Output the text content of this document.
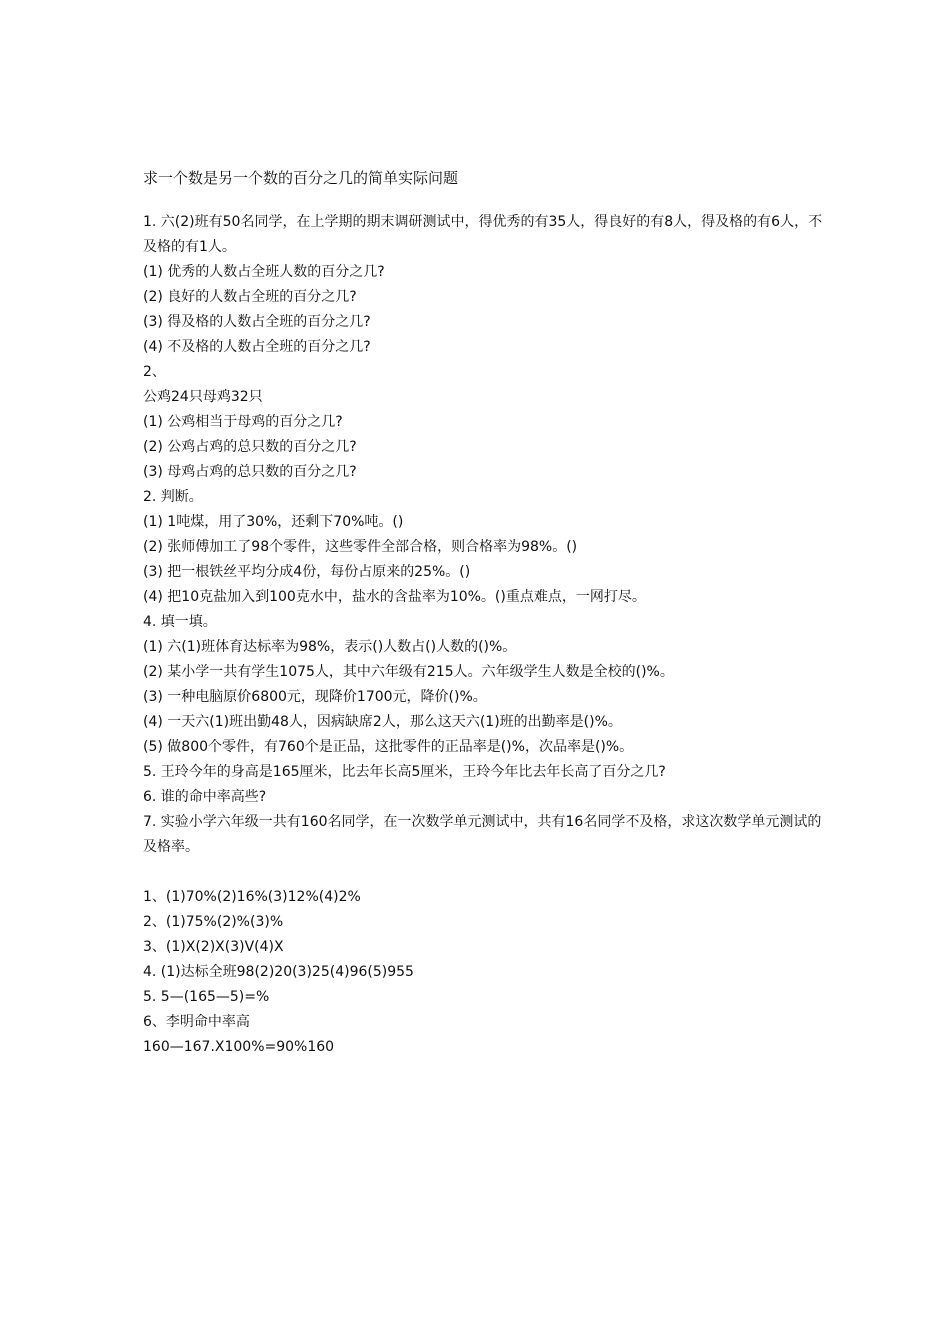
求一个数是另一个数的百分之几的简单实际问题
1. 六(2)班有50名同学，在上学期的期末调研测试中，得优秀的有35人，得良好的有8人，得及格的有6人，不及格的有1人。
(1) 优秀的人数占全班人数的百分之几?
(2) 良好的人数占全班的百分之几?
(3) 得及格的人数占全班的百分之几?
(4) 不及格的人数占全班的百分之几?
2、
公鸡24只母鸡32只
(1) 公鸡相当于母鸡的百分之几?
(2) 公鸡占鸡的总只数的百分之几?
(3) 母鸡占鸡的总只数的百分之几?
2. 判断。
(1) 1吨煤，用了30%，还剩下70%吨。()
(2) 张师傅加工了98个零件，这些零件全部合格，则合格率为98%。()
(3) 把一根铁丝平均分成4份，每份占原来的25%。()
(4) 把10克盐加入到100克水中，盐水的含盐率为10%。()重点难点，一网打尽。
4. 填一填。
(1) 六(1)班体育达标率为98%，表示()人数占()人数的()%。
(2) 某小学一共有学生1075人，其中六年级有215人。六年级学生人数是全校的()%。
(3) 一种电脑原价6800元，现降价1700元，降价()%。
(4) 一天六(1)班出勤48人，因病缺席2人，那么这天六(1)班的出勤率是()%。
(5) 做800个零件，有760个是正品，这批零件的正品率是()%，次品率是()%。
5. 王玲今年的身高是165厘米，比去年长高5厘米，王玲今年比去年长高了百分之几?
6. 谁的命中率高些?
7. 实验小学六年级一共有160名同学，在一次数学单元测试中，共有16名同学不及格，求这次数学单元测试的及格率。
1、(1)70%(2)16%(3)12%(4)2%
2、(1)75%(2)%(3)%
3、(1)X(2)X(3)V(4)X
4. (1)达标全班98(2)20(3)25(4)96(5)955
5. 5—(165—5)=%
6、李明命中率高
160—167.X100%=90%160
